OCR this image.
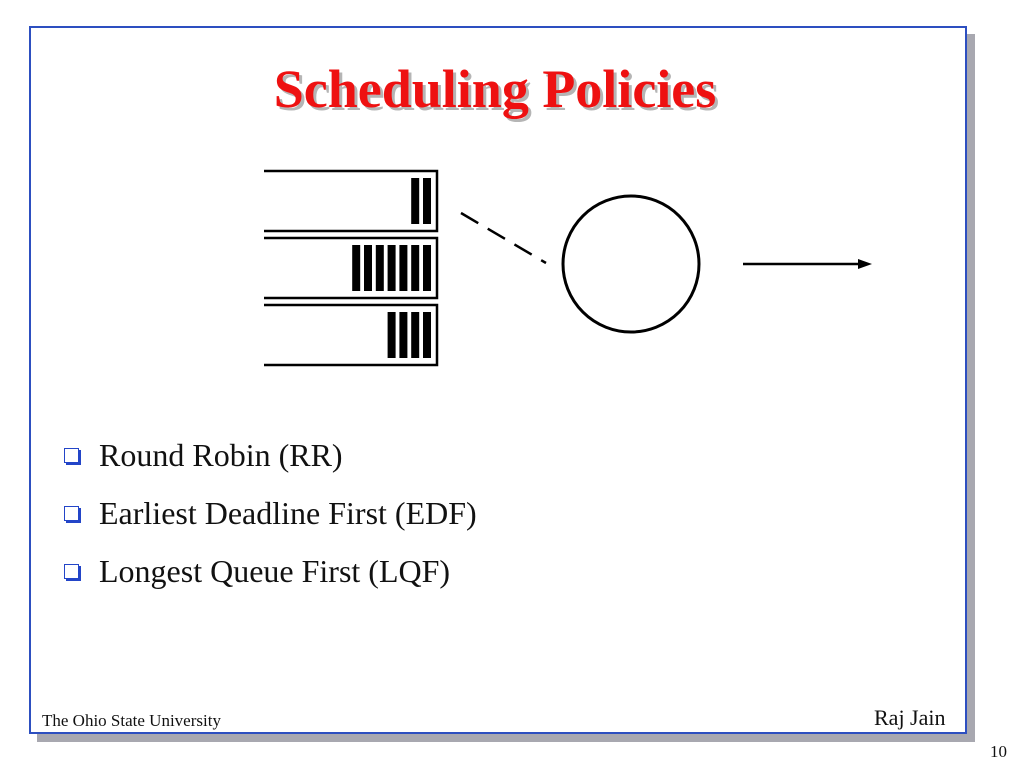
Scheduling Policies
Round Robin (RR)
Earliest Deadline First (EDF)
Longest Queue First (LQF)
The Ohio State University	Raj Jain
10
